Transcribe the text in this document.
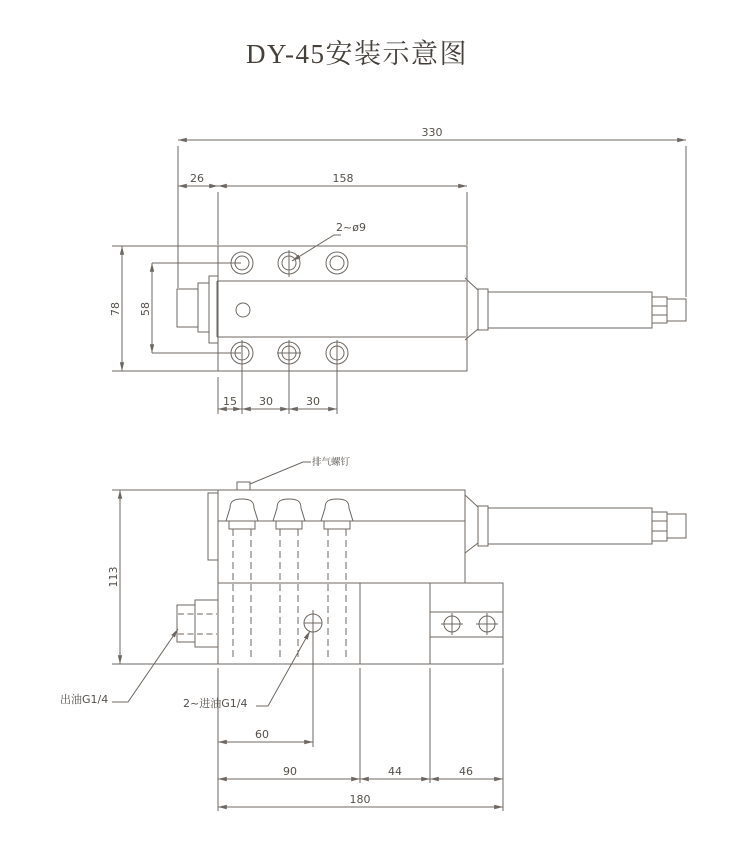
DY-45安装示意图
330
26	158
2~ø9
78 58
15 30	30
排气螺钉
113
出油G1/4	2~进油G1/4
60
90	44	46
180
